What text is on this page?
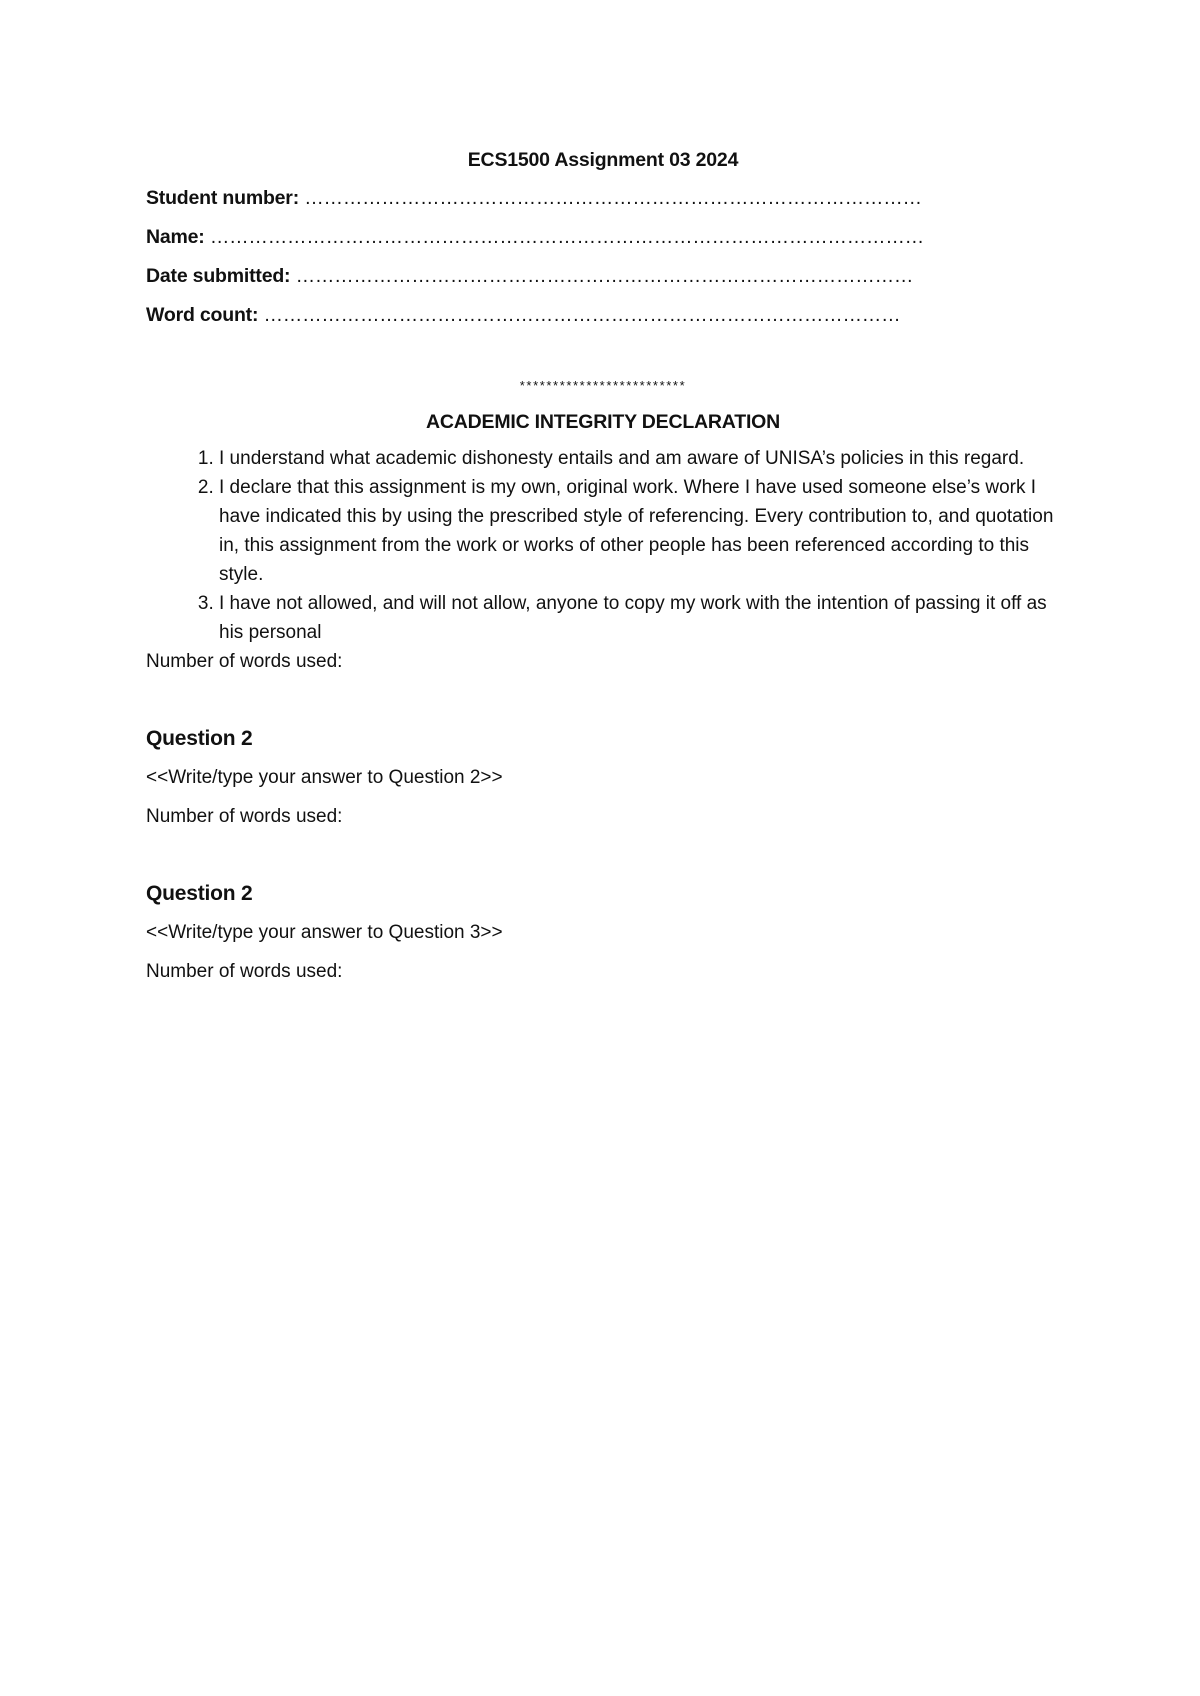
ECS1500 Assignment 03 2024
Student number: ……………………………………………………………………………………
Name: …………………………………………………………………………………………………
Date submitted: ……………………………………………………………………………………
Word count: ………………………………………………………………………………………
*************************
ACADEMIC INTEGRITY DECLARATION
1. I understand what academic dishonesty entails and am aware of UNISA’s policies in this regard.
2. I declare that this assignment is my own, original work. Where I have used someone else’s work I have indicated this by using the prescribed style of referencing. Every contribution to, and quotation in, this assignment from the work or works of other people has been referenced according to this style.
3. I have not allowed, and will not allow, anyone to copy my work with the intention of passing it off as his personal

Number of words used:

Question 2

<<Write/type your answer to Question 2>>

Number of words used:

Question 2

<<Write/type your answer to Question 3>>

Number of words used:
